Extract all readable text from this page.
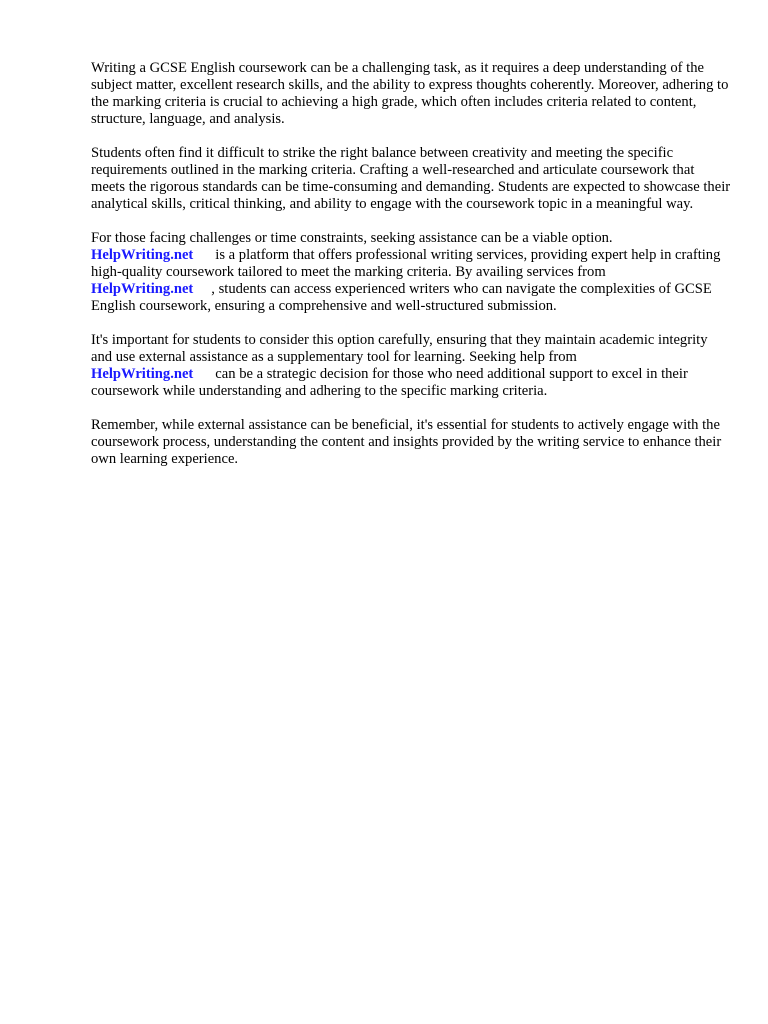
Writing a GCSE English coursework can be a challenging task, as it requires a deep understanding of the subject matter, excellent research skills, and the ability to express thoughts coherently. Moreover, adhering to the marking criteria is crucial to achieving a high grade, which often includes criteria related to content, structure, language, and analysis.

Students often find it difficult to strike the right balance between creativity and meeting the specific requirements outlined in the marking criteria. Crafting a well-researched and articulate coursework that meets the rigorous standards can be time-consuming and demanding. Students are expected to showcase their analytical skills, critical thinking, and ability to engage with the coursework topic in a meaningful way.

For those facing challenges or time constraints, seeking assistance can be a viable option.
HelpWriting.net is a platform that offers professional writing services, providing expert help in crafting high-quality coursework tailored to meet the marking criteria. By availing services from
HelpWriting.net , students can access experienced writers who can navigate the complexities of GCSE English coursework, ensuring a comprehensive and well-structured submission.

It's important for students to consider this option carefully, ensuring that they maintain academic integrity and use external assistance as a supplementary tool for learning. Seeking help from
HelpWriting.net can be a strategic decision for those who need additional support to excel in their coursework while understanding and adhering to the specific marking criteria.

Remember, while external assistance can be beneficial, it's essential for students to actively engage with the coursework process, understanding the content and insights provided by the writing service to enhance their own learning experience.
